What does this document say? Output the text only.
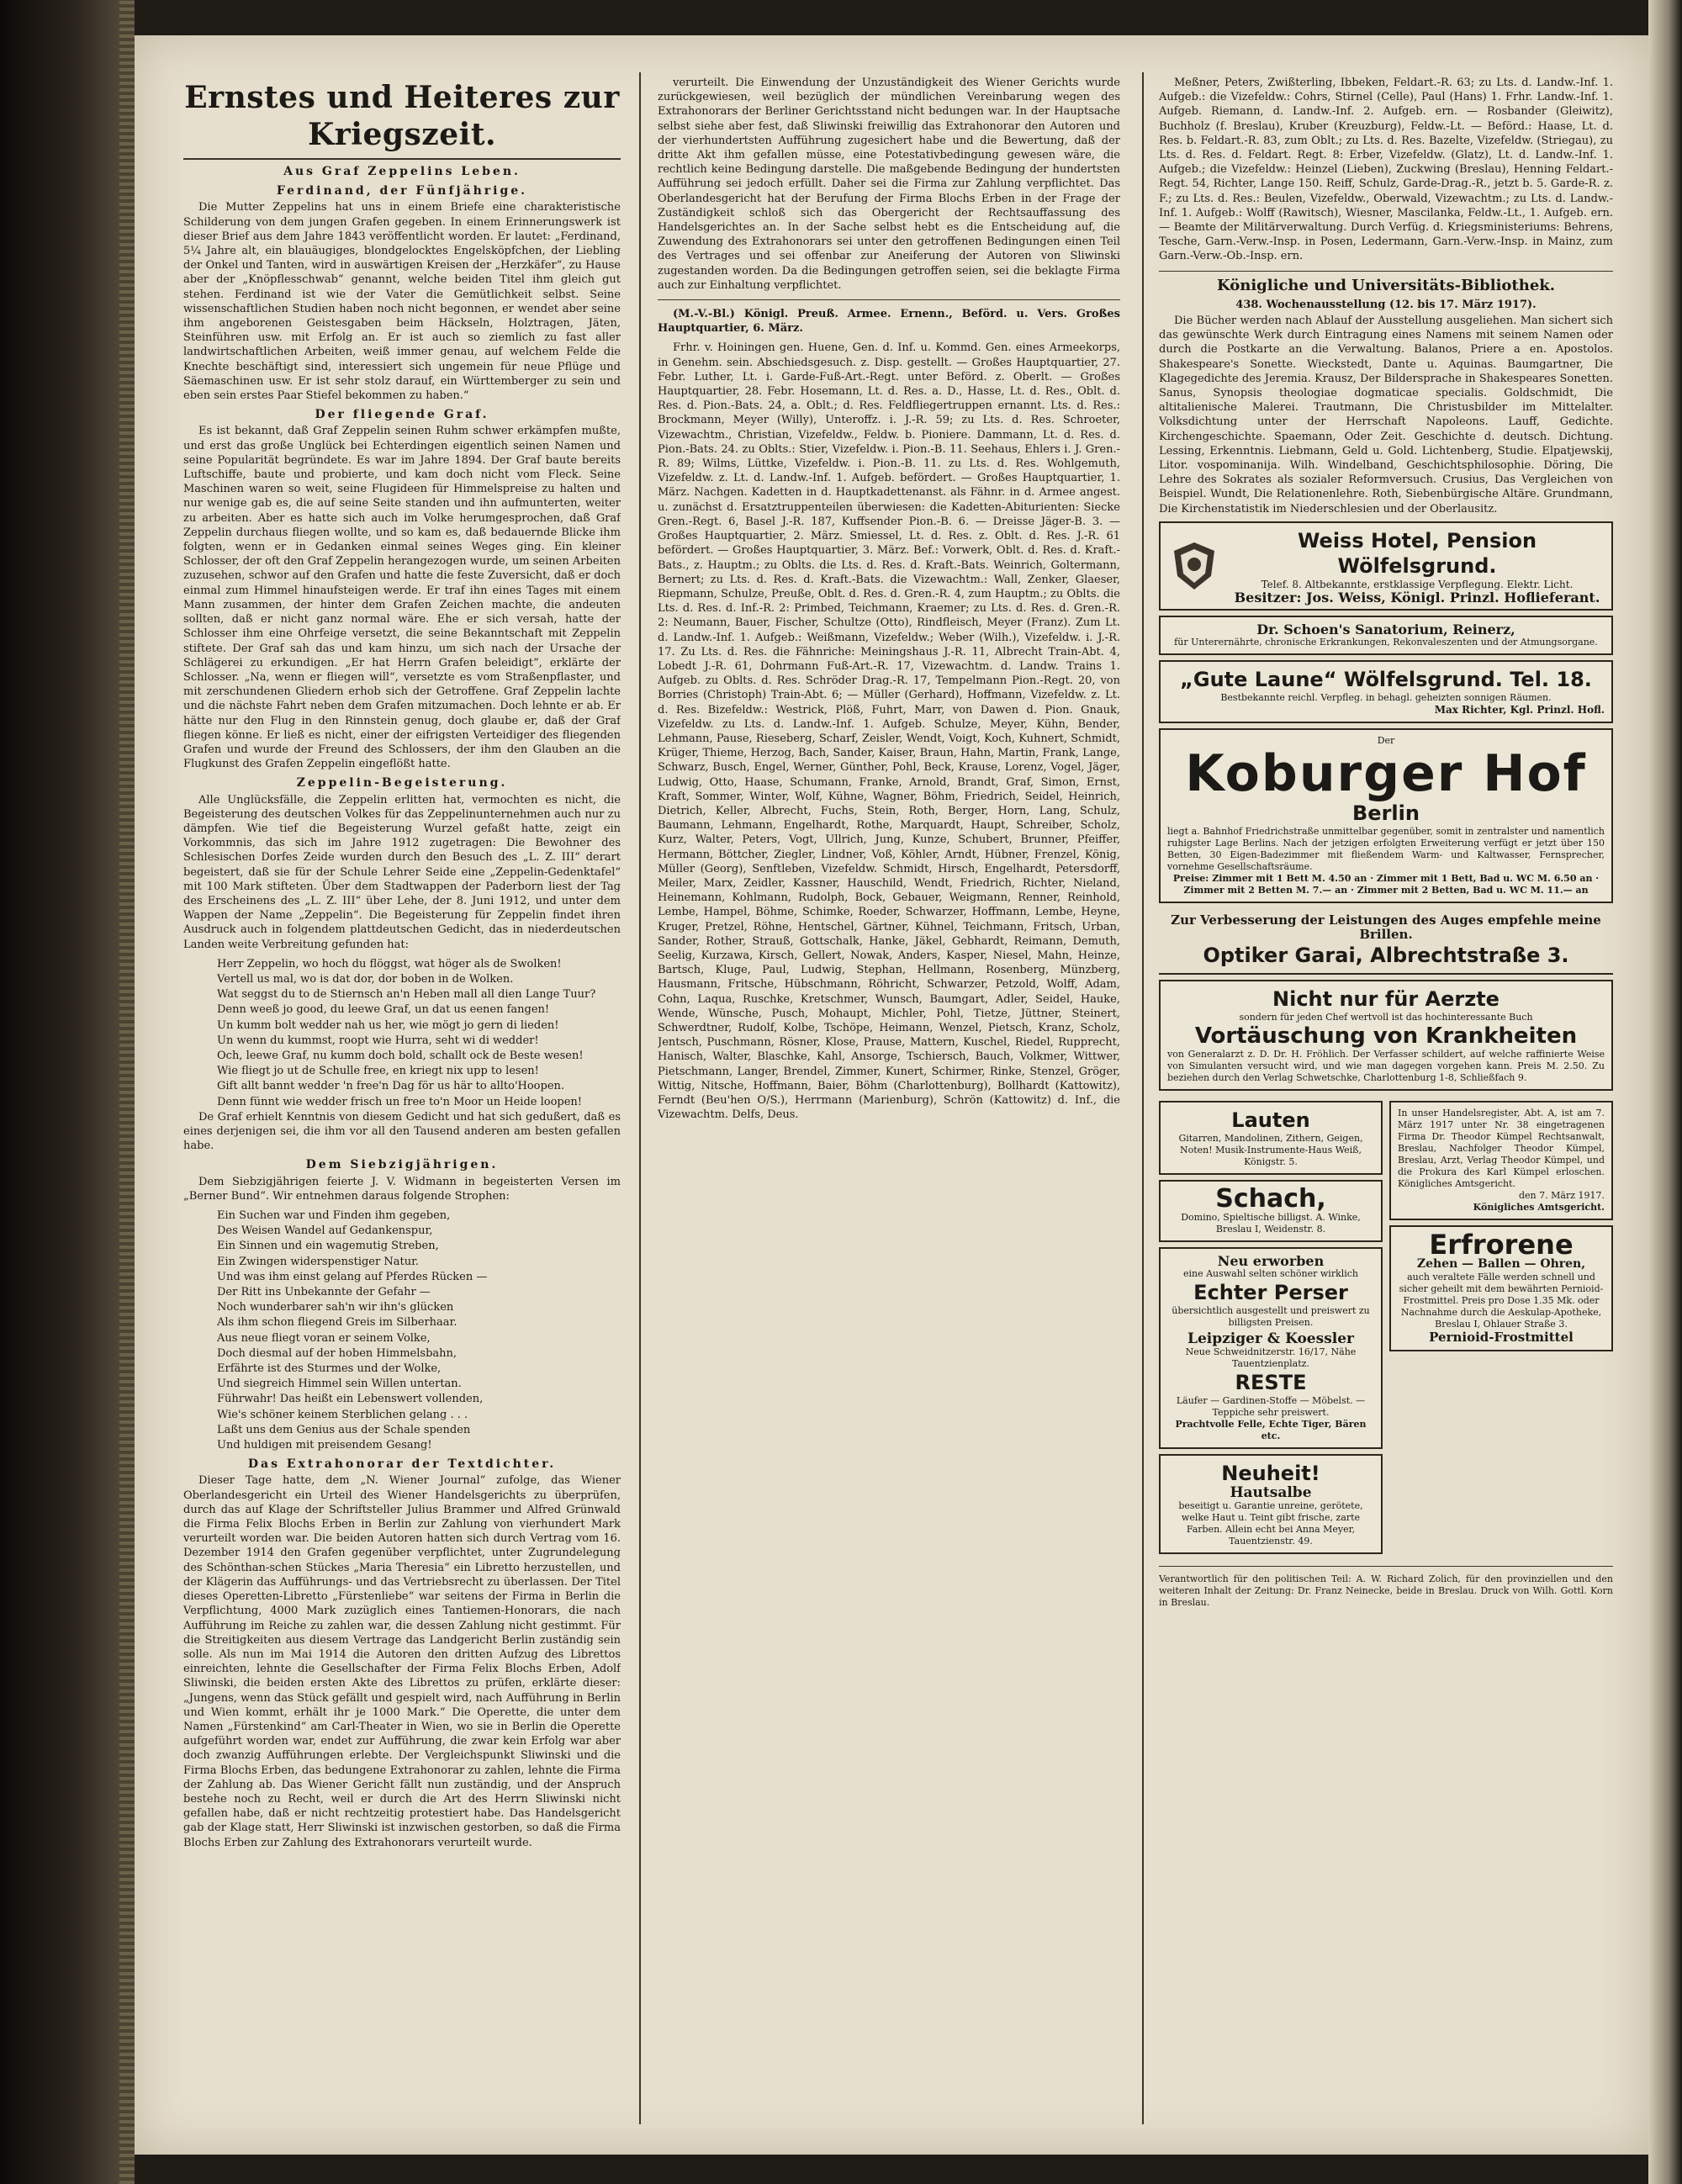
Ernstes und Heiteres zur Kriegszeit.
Aus Graf Zeppelins Leben.
Ferdinand, der Fünfjährige.

Die Mutter Zeppelins hat uns in einem Briefe eine charakteristische Schilderung von dem jungen Grafen gegeben. In einem Erinnerungswerk ist dieser Brief aus dem Jahre 1843 veröffentlicht worden. Er lautet: „Ferdinand, 5¼ Jahre alt, ein blauäugiges, blondgelocktes Engelsköpfchen, der Liebling der Onkel und Tanten, wird in auswärtigen Kreisen der „Herzkäfer“, zu Hause aber der „Knöpflesschwab“ genannt, welche beiden Titel ihm gleich gut stehen. Ferdinand ist wie der Vater die Gemütlichkeit selbst. Seine wissenschaftlichen Studien haben noch nicht begonnen, er wendet aber seine ihm angeborenen Geistesgaben beim Häckseln, Holztragen, Jäten, Steinführen usw. mit Erfolg an. Er ist auch so ziemlich zu fast aller landwirtschaftlichen Arbeiten, weiß immer genau, auf welchem Felde die Knechte beschäftigt sind, interessiert sich ungemein für neue Pflüge und Säemaschinen usw. Er ist sehr stolz darauf, ein Württemberger zu sein und eben sein erstes Paar Stiefel bekommen zu haben.“

Der fliegende Graf.

Es ist bekannt, daß Graf Zeppelin seinen Ruhm schwer erkämpfen mußte, und erst das große Unglück bei Echterdingen eigentlich seinen Namen und seine Popularität begründete. Es war im Jahre 1894. Der Graf baute bereits Luftschiffe, baute und probierte, und kam doch nicht vom Fleck. Seine Maschinen waren so weit, seine Flugideen für Himmelspreise zu halten und nur wenige gab es, die auf seine Seite standen und ihn aufmunterten, weiter zu arbeiten. Aber es hatte sich auch im Volke herumgesprochen, daß Graf Zeppelin durchaus fliegen wollte, und so kam es, daß bedauernde Blicke ihm folgten, wenn er in Gedanken einmal seines Weges ging. Ein kleiner Schlosser, der oft den Graf Zeppelin herangezogen wurde, um seinen Arbeiten zuzusehen, schwor auf den Grafen und hatte die feste Zuversicht, daß er doch einmal zum Himmel hinaufsteigen werde. Er traf ihn eines Tages mit einem Mann zusammen, der hinter dem Grafen Zeichen machte, die andeuten sollten, daß er nicht ganz normal wäre. Ehe er sich versah, hatte der Schlosser ihm eine Ohrfeige versetzt, die seine Bekanntschaft mit Zeppelin stiftete. Der Graf sah das und kam hinzu, um sich nach der Ursache der Schlägerei zu erkundigen. „Er hat Herrn Grafen beleidigt“, erklärte der Schlosser. „Na, wenn er fliegen will“, versetzte es vom Straßenpflaster, und mit zerschundenen Gliedern erhob sich der Getroffene. Graf Zeppelin lachte und die nächste Fahrt neben dem Grafen mitzumachen. Doch lehnte er ab. Er hätte nur den Flug in den Rinnstein genug, doch glaube er, daß der Graf fliegen könne. Er ließ es nicht, einer der eifrigsten Verteidiger des fliegenden Grafen und wurde der Freund des Schlossers, der ihm den Glauben an die Flugkunst des Grafen Zeppelin eingeflößt hatte.

Zeppelin-Begeisterung.

Alle Unglücksfälle, die Zeppelin erlitten hat, vermochten es nicht, die Begeisterung des deutschen Volkes für das Zeppelinunternehmen auch nur zu dämpfen. Wie tief die Begeisterung Wurzel gefaßt hatte, zeigt ein Vorkommnis, das sich im Jahre 1912 zugetragen: Die Bewohner des Schlesischen Dorfes Zeide wurden durch den Besuch des „L. Z. III“ derart begeistert, daß sie für der Schule Lehrer Seide eine „Zeppelin-Gedenktafel“ mit 100 Mark stifteten. Über dem Stadtwappen der Paderborn liest der Tag des Erscheinens des „L. Z. III“ über Lehe, der 8. Juni 1912, und unter dem Wappen der Name „Zeppelin“. Die Begeisterung für Zeppelin findet ihren Ausdruck auch in folgendem plattdeutschen Gedicht, das in niederdeutschen Landen weite Verbreitung gefunden hat:

Herr Zeppelin, wo hoch du flöggst, wat höger als de Swolken!

Vertell us mal, wo is dat dor, dor boben in de Wolken.

Wat seggst du to de Stiernsch an'n Heben mall all dien Lange Tuur?

Denn weeß jo good, du leewe Graf, un dat us eenen fangen!

Un kumm bolt wedder nah us her, wie mögt jo gern di lieden!

Un wenn du kummst, roopt wie Hurra, seht wi di wedder!

Och, leewe Graf, nu kumm doch bold, schallt ock de Beste wesen!

Wie fliegt jo ut de Schulle free, en kriegt nix upp to lesen!

Gift allt bannt wedder 'n free'n Dag för us här to allto'Hoopen.

Denn fünnt wie wedder frisch un free to'n Moor un Heide loopen!

De Graf erhielt Kenntnis von diesem Gedicht und hat sich gedußert, daß es eines derjenigen sei, die ihm vor all den Tausend anderen am besten gefallen habe.

Dem Siebzigjährigen.

Dem Siebzigjährigen feierte J. V. Widmann in begeisterten Versen im „Berner Bund“. Wir entnehmen daraus folgende Strophen:

Ein Suchen war und Finden ihm gegeben,

Des Weisen Wandel auf Gedankenspur,

Ein Sinnen und ein wagemutig Streben,

Ein Zwingen widerspenstiger Natur.

Und was ihm einst gelang auf Pferdes Rücken —

Der Ritt ins Unbekannte der Gefahr —

Noch wunderbarer sah'n wir ihn's glücken

Als ihm schon fliegend Greis im Silberhaar.

Aus neue fliegt voran er seinem Volke,

Doch diesmal auf der hoben Himmelsbahn,

Erfährte ist des Sturmes und der Wolke,

Und siegreich Himmel sein Willen untertan.

Führwahr! Das heißt ein Lebenswert vollenden,

Wie's schöner keinem Sterblichen gelang . . .

Laßt uns dem Genius aus der Schale spenden

Und huldigen mit preisendem Gesang!

Das Extrahonorar der Textdichter.

Dieser Tage hatte, dem „N. Wiener Journal“ zufolge, das Wiener Oberlandesgericht ein Urteil des Wiener Handelsgerichts zu überprüfen, durch das auf Klage der Schriftsteller Julius Brammer und Alfred Grünwald die Firma Felix Blochs Erben in Berlin zur Zahlung von vierhundert Mark verurteilt worden war. Die beiden Autoren hatten sich durch Vertrag vom 16. Dezember 1914 den Grafen gegenüber verpflichtet, unter Zugrundelegung des Schönthan-schen Stückes „Maria Theresia“ ein Libretto herzustellen, und der Klägerin das Aufführungs- und das Vertriebsrecht zu überlassen. Der Titel dieses Operetten-Libretto „Fürstenliebe“ war seitens der Firma in Berlin die Verpflichtung, 4000 Mark zuzüglich eines Tantiemen-Honorars, die nach Aufführung im Reiche zu zahlen war, die dessen Zahlung nicht gestimmt. Für die Streitigkeiten aus diesem Vertrage das Landgericht Berlin zuständig sein solle. Als nun im Mai 1914 die Autoren den dritten Aufzug des Librettos einreichten, lehnte die Gesellschafter der Firma Felix Blochs Erben, Adolf Sliwinski, die beiden ersten Akte des Librettos zu prüfen, erklärte dieser: „Jungens, wenn das Stück gefällt und gespielt wird, nach Aufführung in Berlin und Wien kommt, erhält ihr je 1000 Mark.“ Die Operette, die unter dem Namen „Fürstenkind“ am Carl-Theater in Wien, wo sie in Berlin die Operette aufgeführt worden war, endet zur Aufführung, die zwar kein Erfolg war aber doch zwanzig Aufführungen erlebte. Der Vergleichspunkt Sliwinski und die Firma Blochs Erben, das bedungene Extrahonorar zu zahlen, lehnte die Firma der Zahlung ab. Das Wiener Gericht fällt nun zuständig, und der Anspruch bestehe noch zu Recht, weil er durch die Art des Herrn Sliwinski nicht gefallen habe, daß er nicht rechtzeitig protestiert habe. Das Handelsgericht gab der Klage statt, Herr Sliwinski ist inzwischen gestorben, so daß die Firma Blochs Erben zur Zahlung des Extrahonorars verurteilt wurde.

verurteilt. Die Einwendung der Unzuständigkeit des Wiener Gerichts wurde zurückgewiesen, weil bezüglich der mündlichen Vereinbarung wegen des Extrahonorars der Berliner Gerichtsstand nicht bedungen war. In der Hauptsache selbst siehe aber fest, daß Sliwinski freiwillig das Extrahonorar den Autoren und der vierhundertsten Aufführung zugesichert habe und die Bewertung, daß der dritte Akt ihm gefallen müsse, eine Potestativbedingung gewesen wäre, die rechtlich keine Bedingung darstelle. Die maßgebende Bedingung der hundertsten Aufführung sei jedoch erfüllt. Daher sei die Firma zur Zahlung verpflichtet. Das Oberlandesgericht hat der Berufung der Firma Blochs Erben in der Frage der Zuständigkeit schloß sich das Obergericht der Rechtsauffassung des Handelsgerichtes an. In der Sache selbst hebt es die Entscheidung auf, die Zuwendung des Extrahonorars sei unter den getroffenen Bedingungen einen Teil des Vertrages und sei offenbar zur Aneiferung der Autoren von Sliwinski zugestanden worden. Da die Bedingungen getroffen seien, sei die beklagte Firma auch zur Einhaltung verpflichtet.

(M.-V.-Bl.) Königl. Preuß. Armee. Ernenn., Beförd. u. Vers. Großes Hauptquartier, 6. März.

Frhr. v. Hoiningen gen. Huene, Gen. d. Inf. u. Kommd. Gen. eines Armeekorps, in Genehm. sein. Abschiedsgesuch. z. Disp. gestellt. — Großes Hauptquartier, 27. Febr. Luther, Lt. i. Garde-Fuß-Art.-Regt. unter Beförd. z. Oberlt. — Großes Hauptquartier, 28. Febr. Hosemann, Lt. d. Res. a. D., Hasse, Lt. d. Res., Oblt. d. Res. d. Pion.-Bats. 24, a. Oblt.; d. Res. Feldfliegertruppen ernannt. Lts. d. Res.: Brockmann, Meyer (Willy), Unteroffz. i. J.-R. 59; zu Lts. d. Res. Schroeter, Vizewachtm., Christian, Vizefeldw., Feldw. b. Pioniere. Dammann, Lt. d. Res. d. Pion.-Bats. 24. zu Oblts.: Stier, Vizefeldw. i. Pion.-B. 11. Seehaus, Ehlers i. J. Gren.-R. 89; Wilms, Lüttke, Vizefeldw. i. Pion.-B. 11. zu Lts. d. Res. Wohlgemuth, Vizefeldw. z. Lt. d. Landw.-Inf. 1. Aufgeb. befördert. — Großes Hauptquartier, 1. März. Nachgen. Kadetten in d. Hauptkadettenanst. als Fähnr. in d. Armee angest. u. zunächst d. Ersatztruppenteilen überwiesen: die Kadetten-Abiturienten: Siecke Gren.-Regt. 6, Basel J.-R. 187, Kuffsender Pion.-B. 6. — Dreisse Jäger-B. 3. — Großes Hauptquartier, 2. März. Smiessel, Lt. d. Res. z. Oblt. d. Res. J.-R. 61 befördert. — Großes Hauptquartier, 3. März. Bef.: Vorwerk, Oblt. d. Res. d. Kraft.-Bats., z. Hauptm.; zu Oblts. die Lts. d. Res. d. Kraft.-Bats. Weinrich, Goltermann, Bernert; zu Lts. d. Res. d. Kraft.-Bats. die Vizewachtm.: Wall, Zenker, Glaeser, Riepmann, Schulze, Preuße, Oblt. d. Res. d. Gren.-R. 4, zum Hauptm.; zu Oblts. die Lts. d. Res. d. Inf.-R. 2: Primbed, Teichmann, Kraemer; zu Lts. d. Res. d. Gren.-R. 2: Neumann, Bauer, Fischer, Schultze (Otto), Rindfleisch, Meyer (Franz). Zum Lt. d. Landw.-Inf. 1. Aufgeb.: Weißmann, Vizefeldw.; Weber (Wilh.), Vizefeldw. i. J.-R. 17. Zu Lts. d. Res. die Fähnriche: Meiningshaus J.-R. 11, Albrecht Train-Abt. 4, Lobedt J.-R. 61, Dohrmann Fuß-Art.-R. 17, Vizewachtm. d. Landw. Trains 1. Aufgeb. zu Oblts. d. Res. Schröder Drag.-R. 17, Tempelmann Pion.-Regt. 20, von Borries (Christoph) Train-Abt. 6; — Müller (Gerhard), Hoffmann, Vizefeldw. z. Lt. d. Res. Bizefeldw.: Westrick, Plöß, Fuhrt, Marr, von Dawen d. Pion. Gnauk, Vizefeldw. zu Lts. d. Landw.-Inf. 1. Aufgeb. Schulze, Meyer, Kühn, Bender, Lehmann, Pause, Rieseberg, Scharf, Zeisler, Wendt, Voigt, Koch, Kuhnert, Schmidt, Krüger, Thieme, Herzog, Bach, Sander, Kaiser, Braun, Hahn, Martin, Frank, Lange, Schwarz, Busch, Engel, Werner, Günther, Pohl, Beck, Krause, Lorenz, Vogel, Jäger, Ludwig, Otto, Haase, Schumann, Franke, Arnold, Brandt, Graf, Simon, Ernst, Kraft, Sommer, Winter, Wolf, Kühne, Wagner, Böhm, Friedrich, Seidel, Heinrich, Dietrich, Keller, Albrecht, Fuchs, Stein, Roth, Berger, Horn, Lang, Schulz, Baumann, Lehmann, Engelhardt, Rothe, Marquardt, Haupt, Schreiber, Scholz, Kurz, Walter, Peters, Vogt, Ullrich, Jung, Kunze, Schubert, Brunner, Pfeiffer, Hermann, Böttcher, Ziegler, Lindner, Voß, Köhler, Arndt, Hübner, Frenzel, König, Müller (Georg), Senftleben, Vizefeldw. Schmidt, Hirsch, Engelhardt, Petersdorff, Meiler, Marx, Zeidler, Kassner, Hauschild, Wendt, Friedrich, Richter, Nieland, Heinemann, Kohlmann, Rudolph, Bock, Gebauer, Weigmann, Renner, Reinhold, Lembe, Hampel, Böhme, Schimke, Roeder, Schwarzer, Hoffmann, Lembe, Heyne, Kruger, Pretzel, Röhne, Hentschel, Gärtner, Kühnel, Teichmann, Fritsch, Urban, Sander, Rother, Strauß, Gottschalk, Hanke, Jäkel, Gebhardt, Reimann, Demuth, Seelig, Kurzawa, Kirsch, Gellert, Nowak, Anders, Kasper, Niesel, Mahn, Heinze, Bartsch, Kluge, Paul, Ludwig, Stephan, Hellmann, Rosenberg, Münzberg, Hausmann, Fritsche, Hübschmann, Röhricht, Schwarzer, Petzold, Wolff, Adam, Cohn, Laqua, Ruschke, Kretschmer, Wunsch, Baumgart, Adler, Seidel, Hauke, Wende, Wünsche, Pusch, Mohaupt, Michler, Pohl, Tietze, Jüttner, Steinert, Schwerdtner, Rudolf, Kolbe, Tschöpe, Heimann, Wenzel, Pietsch, Kranz, Scholz, Jentsch, Puschmann, Rösner, Klose, Prause, Mattern, Kuschel, Riedel, Rupprecht, Hanisch, Walter, Blaschke, Kahl, Ansorge, Tschiersch, Bauch, Volkmer, Wittwer, Pietschmann, Langer, Brendel, Zimmer, Kunert, Schirmer, Rinke, Stenzel, Gröger, Wittig, Nitsche, Hoffmann, Baier, Böhm (Charlottenburg), Bollhardt (Kattowitz), Ferndt (Beu'hen O/S.), Herrmann (Marienburg), Schrön (Kattowitz) d. Inf., die Vizewachtm. Delfs, Deus.

Meßner, Peters, Zwißterling, Ibbeken, Feldart.-R. 63; zu Lts. d. Landw.-Inf. 1. Aufgeb.: die Vizefeldw.: Cohrs, Stirnel (Celle), Paul (Hans) 1. Frhr. Landw.-Inf. 1. Aufgeb. Riemann, d. Landw.-Inf. 2. Aufgeb. ern. — Rosbander (Gleiwitz), Buchholz (f. Breslau), Kruber (Kreuzburg), Feldw.-Lt. — Beförd.: Haase, Lt. d. Res. b. Feldart.-R. 83, zum Oblt.; zu Lts. d. Res. Bazelte, Vizefeldw. (Striegau), zu Lts. d. Res. d. Feldart. Regt. 8: Erber, Vizefeldw. (Glatz), Lt. d. Landw.-Inf. 1. Aufgeb.; die Vizefeldw.: Heinzel (Lieben), Zuckwing (Breslau), Henning Feldart.-Regt. 54, Richter, Lange 150. Reiff, Schulz, Garde-Drag.-R., jetzt b. 5. Garde-R. z. F.; zu Lts. d. Res.: Beulen, Vizefeldw., Oberwald, Vizewachtm.; zu Lts. d. Landw.-Inf. 1. Aufgeb.: Wolff (Rawitsch), Wiesner, Mascilanka, Feldw.-Lt., 1. Aufgeb. ern. — Beamte der Militärverwaltung. Durch Verfüg. d. Kriegsministeriums: Behrens, Tesche, Garn.-Verw.-Insp. in Posen, Ledermann, Garn.-Verw.-Insp. in Mainz, zum Garn.-Verw.-Ob.-Insp. ern.

Königliche und Universitäts-Bibliothek.
438. Wochenausstellung (12. bis 17. März 1917).

Die Bücher werden nach Ablauf der Ausstellung ausgeliehen. Man sichert sich das gewünschte Werk durch Eintragung eines Namens mit seinem Namen oder durch die Postkarte an die Verwaltung. Balanos, Priere a en. Apostolos. Shakespeare's Sonette. Wieckstedt, Dante u. Aquinas. Baumgartner, Die Klagegedichte des Jeremia. Krausz, Der Bildersprache in Shakespeares Sonetten. Sanus, Synopsis theologiae dogmaticae specialis. Goldschmidt, Die altitalienische Malerei. Trautmann, Die Christusbilder im Mittelalter. Volksdichtung unter der Herrschaft Napoleons. Lauff, Gedichte. Kirchengeschichte. Spaemann, Oder Zeit. Geschichte d. deutsch. Dichtung. Lessing, Erkenntnis. Liebmann, Geld u. Gold. Lichtenberg, Studie. Elpatjewskij, Litor. vospominanija. Wilh. Windelband, Geschichtsphilosophie. Döring, Die Lehre des Sokrates als sozialer Reformversuch. Crusius, Das Vergleichen von Beispiel. Wundt, Die Relationenlehre. Roth, Siebenbürgische Altäre. Grundmann, Die Kirchenstatistik im Niederschlesien und der Oberlausitz.

Weiss Hotel, Pension Wölfelsgrund.
Telef. 8. Altbekannte, erstklassige Verpflegung. Elektr. Licht.
Besitzer: Jos. Weiss, Königl. Prinzl. Hoflieferant.
Dr. Schoen's Sanatorium, Reinerz,
für Unterernährte, chronische Erkrankungen, Rekonvaleszenten und der Atmungsorgane.
„Gute Laune“ Wölfelsgrund. Tel. 18.
Bestbekannte reichl. Verpfleg. in behagl. geheizten sonnigen Räumen.
Max Richter, Kgl. Prinzl. Hofl.
Der
Koburger Hof
Berlin
liegt a. Bahnhof Friedrichstraße unmittelbar gegenüber, somit in zentralster und namentlich ruhigster Lage Berlins. Nach der jetzigen erfolgten Erweiterung verfügt er jetzt über 150 Betten, 30 Eigen-Badezimmer mit fließendem Warm- und Kaltwasser, Fernsprecher, vornehme Gesellschaftsräume.
Preise: Zimmer mit 1 Bett M. 4.50 an · Zimmer mit 1 Bett, Bad u. WC M. 6.50 an · Zimmer mit 2 Betten M. 7.— an · Zimmer mit 2 Betten, Bad u. WC M. 11.— an
Zur Verbesserung der Leistungen des Auges empfehle meine Brillen.
Optiker Garai, Albrechtstraße 3.
Nicht nur für Aerzte
sondern für jeden Chef wertvoll ist das hochinteressante Buch
Vortäuschung von Krankheiten
von Generalarzt z. D. Dr. H. Fröhlich. Der Verfasser schildert, auf welche raffinierte Weise von Simulanten versucht wird, und wie man dagegen vorgehen kann. Preis M. 2.50. Zu beziehen durch den Verlag Schwetschke, Charlottenburg 1-8, Schließfach 9.
Lauten
Gitarren, Mandolinen, Zithern, Geigen, Noten! Musik-Instrumente-Haus Weiß, Königstr. 5.
Schach,
Domino, Spieltische billigst. A. Winke, Breslau I, Weidenstr. 8.
Neu erworben
eine Auswahl selten schöner wirklich
Echter Perser
übersichtlich ausgestellt und preiswert zu billigsten Preisen.
Leipziger & Koessler
Neue Schweidnitzerstr. 16/17, Nähe Tauentzienplatz.
RESTE
Läufer — Gardinen-Stoffe — Möbelst. — Teppiche sehr preiswert.
Prachtvolle Felle, Echte Tiger, Bären etc.
Neuheit!
Hautsalbe
beseitigt u. Garantie unreine, gerötete, welke Haut u. Teint gibt frische, zarte Farben. Allein echt bei Anna Meyer, Tauentzienstr. 49.
In unser Handelsregister, Abt. A, ist am 7. März 1917 unter Nr. 38 eingetragenen Firma Dr. Theodor Kümpel Rechtsanwalt, Breslau, Nachfolger Theodor Kümpel, Breslau, Arzt, Verlag Theodor Kümpel, und die Prokura des Karl Kümpel erloschen. Königliches Amtsgericht.
den 7. März 1917.
Königliches Amtsgericht.
Erfrorene
Zehen — Ballen — Ohren,
auch veraltete Fälle werden schnell und sicher geheilt mit dem bewährten Pernioid-Frostmittel. Preis pro Dose 1.35 Mk. oder Nachnahme durch die Aeskulap-Apotheke, Breslau I, Ohlauer Straße 3.
Pernioid-Frostmittel
Verantwortlich für den politischen Teil: A. W. Richard Zolich, für den provinziellen und den weiteren Inhalt der Zeitung: Dr. Franz Neinecke, beide in Breslau. Druck von Wilh. Gottl. Korn in Breslau.
